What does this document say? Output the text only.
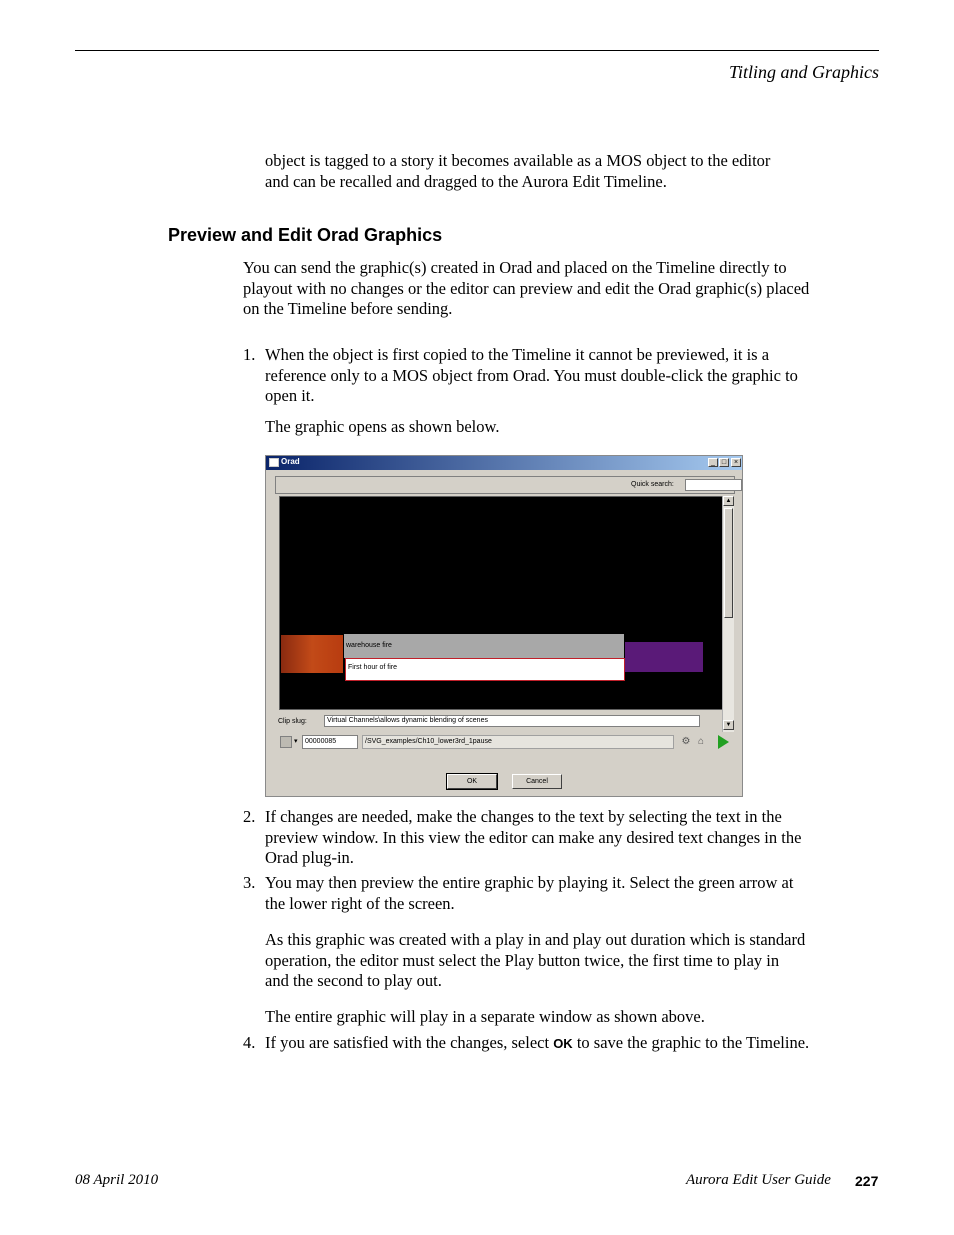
Titling and Graphics
object is tagged to a story it becomes available as a MOS object to the editor
and can be recalled and dragged to the Aurora Edit Timeline.
Preview and Edit Orad Graphics
You can send the graphic(s) created in Orad and placed on the Timeline directly to
playout with no changes or the editor can preview and edit the Orad graphic(s) placed
on the Timeline before sending.
1. When the object is first copied to the Timeline it cannot be previewed, it is a
reference only to a MOS object from Orad. You must double-click the graphic to
open it.
The graphic opens as shown below.
Orad	_ □	×
Quick search:
warehouse fire
First hour of fire
▲
▼
Clip slug:	Virtual Channels\allows dynamic blending of scenes
▾	00000085	/SVG_examples/Ch10_lower3rd_1pause	⚙ ⌂
OK	Cancel
2. If changes are needed, make the changes to the text by selecting the text in the
preview window. In this view the editor can make any desired text changes in the
Orad plug-in.
3. You may then preview the entire graphic by playing it. Select the green arrow at
the lower right of the screen.
As this graphic was created with a play in and play out duration which is standard
operation, the editor must select the Play button twice, the first time to play in
and the second to play out.
The entire graphic will play in a separate window as shown above.
4. If you are satisfied with the changes, select OK to save the graphic to the Timeline.
08 April 2010	Aurora Edit User Guide 227
